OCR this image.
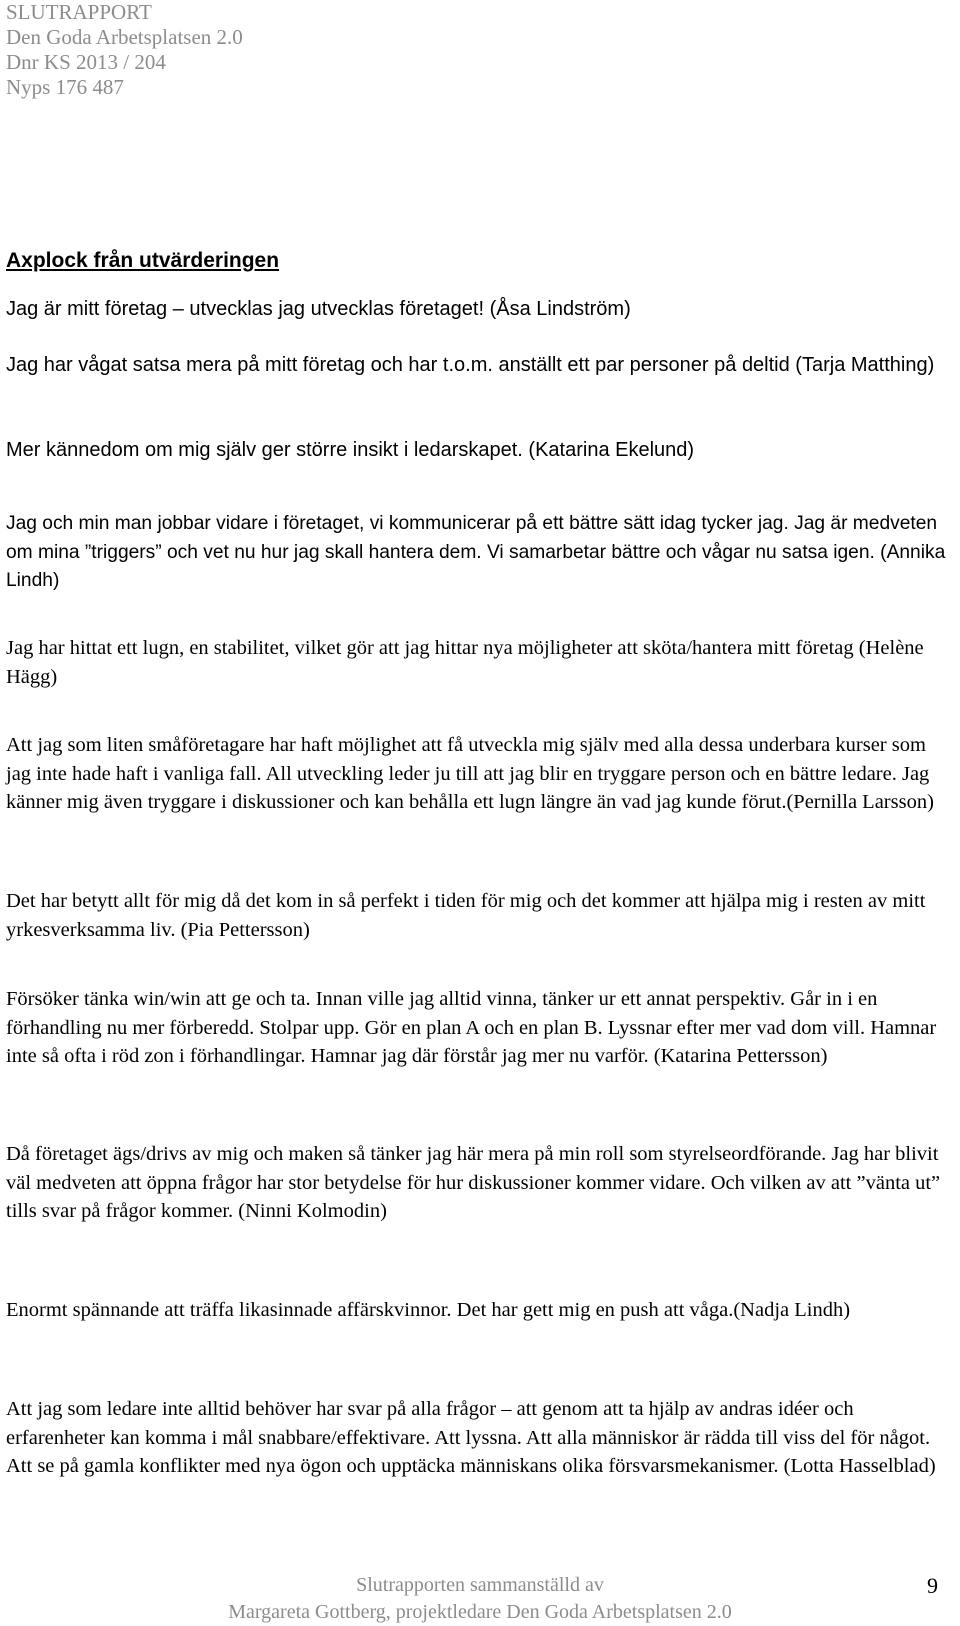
SLUTRAPPORT
Den Goda Arbetsplatsen 2.0
Dnr KS 2013 / 204
Nyps 176 487
Axplock från utvärderingen

Jag är mitt företag – utvecklas jag utvecklas företaget! (Åsa Lindström)

Jag har vågat satsa mera på mitt företag och har t.o.m. anställt ett par personer på deltid (Tarja Matthing)

Mer kännedom om mig själv ger större insikt i ledarskapet. (Katarina Ekelund)

Jag och min man jobbar vidare i företaget, vi kommunicerar på ett bättre sätt idag tycker jag. Jag är medveten om mina ”triggers” och vet nu hur jag skall hantera dem. Vi samarbetar bättre och vågar nu satsa igen. (Annika Lindh)

Jag har hittat ett lugn, en stabilitet, vilket gör att jag hittar nya möjligheter att sköta/hantera mitt företag (Helène Hägg)

Att jag som liten småföretagare har haft möjlighet att få utveckla mig själv med alla dessa underbara kurser som jag inte hade haft i vanliga fall. All utveckling leder ju till att jag blir en tryggare person och en bättre ledare. Jag känner mig även tryggare i diskussioner och kan behålla ett lugn längre än vad jag kunde förut.(Pernilla Larsson)

Det har betytt allt för mig då det kom in så perfekt i tiden för mig och det kommer att hjälpa mig i resten av mitt yrkesverksamma liv. (Pia Pettersson)

Försöker tänka win/win att ge och ta. Innan ville jag alltid vinna, tänker ur ett annat perspektiv. Går in i en förhandling nu mer förberedd. Stolpar upp. Gör en plan A och en plan B. Lyssnar efter mer vad dom vill. Hamnar inte så ofta i röd zon i förhandlingar. Hamnar jag där förstår jag mer nu varför. (Katarina Pettersson)

Då företaget ägs/drivs av mig och maken så tänker jag här mera på min roll som styrelseordförande. Jag har blivit väl medveten att öppna frågor har stor betydelse för hur diskussioner kommer vidare. Och vilken av att ”vänta ut” tills svar på frågor kommer. (Ninni Kolmodin)

Enormt spännande att träffa likasinnade affärskvinnor. Det har gett mig en push att våga.(Nadja Lindh)

Att jag som ledare inte alltid behöver har svar på alla frågor – att genom att ta hjälp av andras idéer och erfarenheter kan komma i mål snabbare/effektivare. Att lyssna. Att alla människor är rädda till viss del för något. Att se på gamla konflikter med nya ögon och upptäcka människans olika försvarsmekanismer. (Lotta Hasselblad)

Slutrapporten sammanställd av
Margareta Gottberg, projektledare Den Goda Arbetsplatsen 2.0
9
